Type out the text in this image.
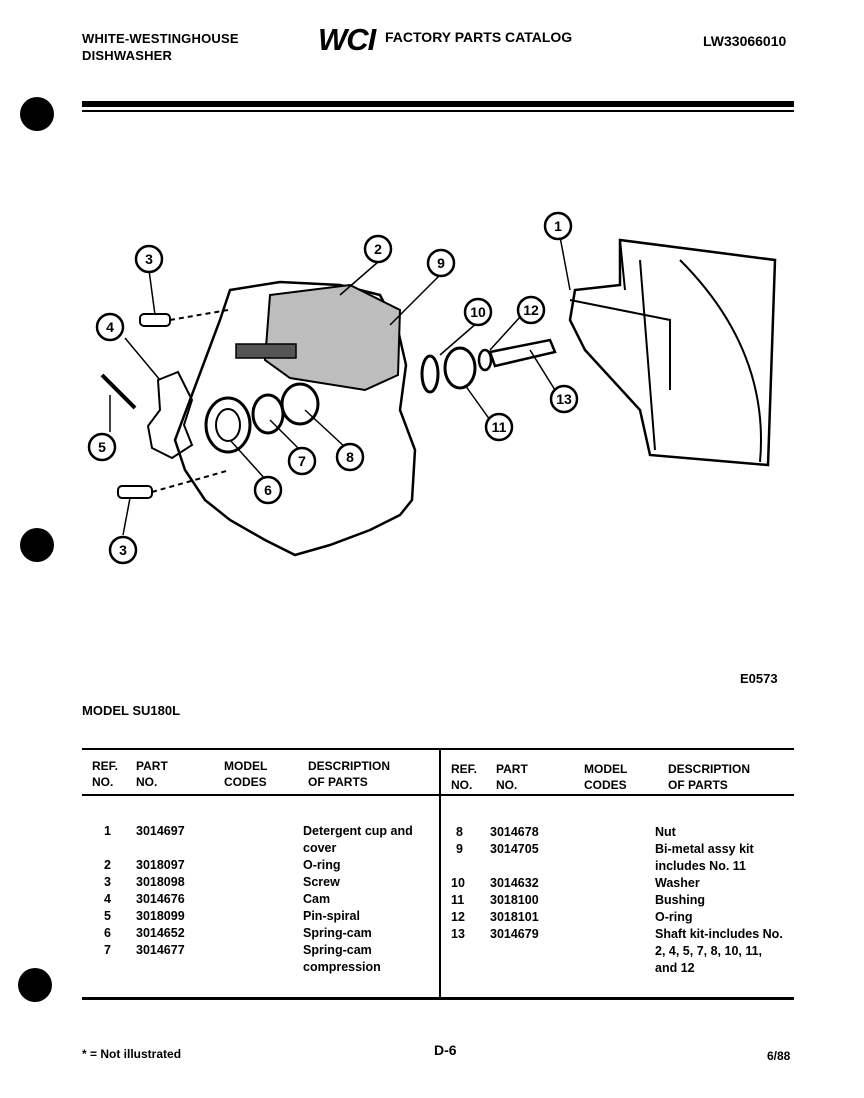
WHITE-WESTINGHOUSE
DISHWASHER	WCI FACTORY PARTS CATALOG	LW33066010
1
2
3
4
5
6
7	8
9
10
11
12
13
3
E0573
MODEL SU180L
REF.
NO.
PART
NO.
MODEL
CODES
DESCRIPTION
OF PARTS
REF.
NO.
PART
NO.
MODEL
CODES
DESCRIPTION
OF PARTS
1 3014697	Detergent cup and
cover
2 3018097	O-ring
3 3018098	Screw
4 3014676	Cam
5 3018099	Pin-spiral
6 3014652	Spring-cam
7 3014677	Spring-cam
compression
8 3014678	Nut
9 3014705	Bi-metal assy kit
includes No. 11
10 3014632	Washer
11 3018100	Bushing
12 3018101	O-ring
13 3014679	Shaft kit-includes No.
2, 4, 5, 7, 8, 10, 11,
and 12
* = Not illustrated	D-6	6/88
